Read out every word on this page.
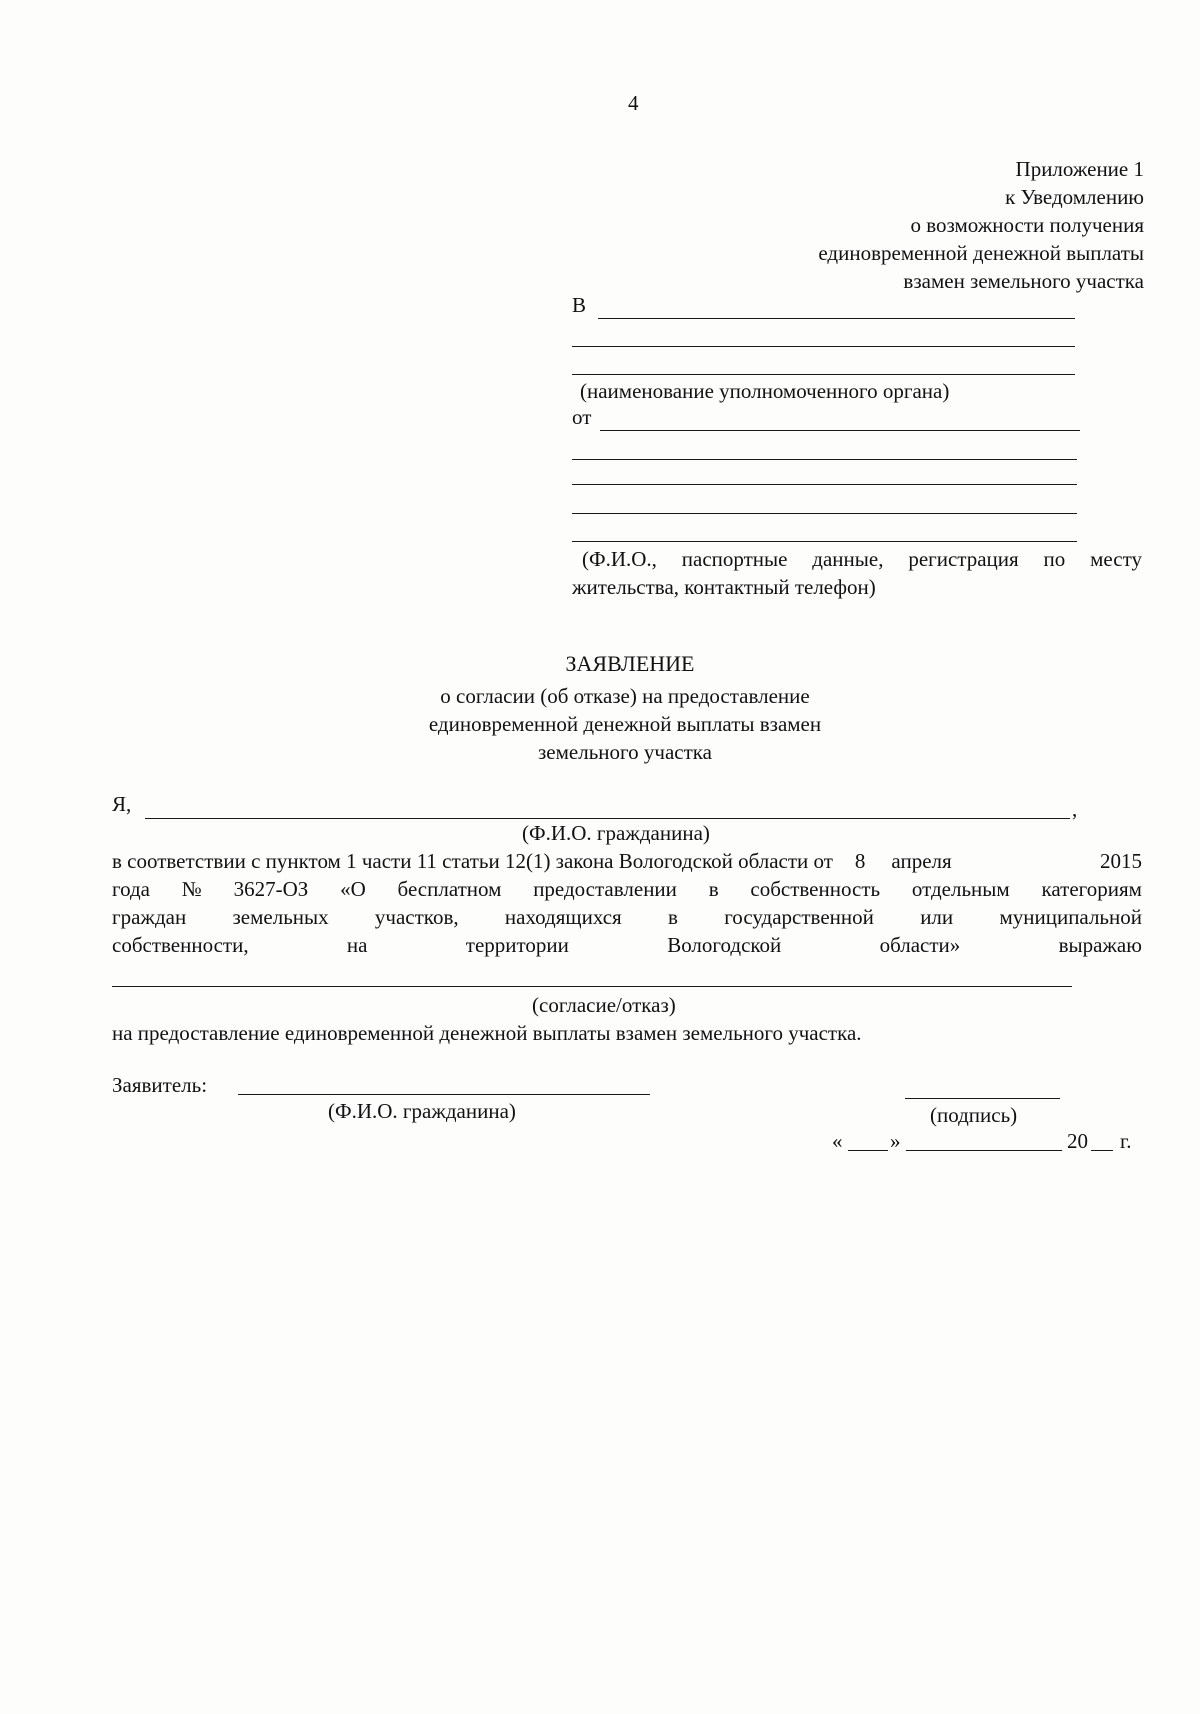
4
Приложение 1
к Уведомлению
о возможности получения
единовременной денежной выплаты
взамен земельного участка
В
(наименование уполномоченного органа)
от
(Ф.И.О., паспортные данные, регистрация по месту
жительства, контактный телефон)
ЗАЯВЛЕНИЕ
о согласии (об отказе) на предоставление
единовременной денежной выплаты взамен
земельного участка
Я,	,
(Ф.И.О. гражданина)
в соответствии с пунктом 1 части 11 статьи 12(1) закона Вологодской области от 8 апреля	2015
года № 3627-ОЗ «О бесплатном предоставлении в собственность отдельным категориям
граждан земельных участков, находящихся в государственной или муниципальной
собственности,	на	территории	Вологодской	области»	выражаю
(согласие/отказ)
на предоставление единовременной денежной выплаты взамен земельного участка.
Заявитель:
(Ф.И.О. гражданина)	(подпись)
« »	20 г.
